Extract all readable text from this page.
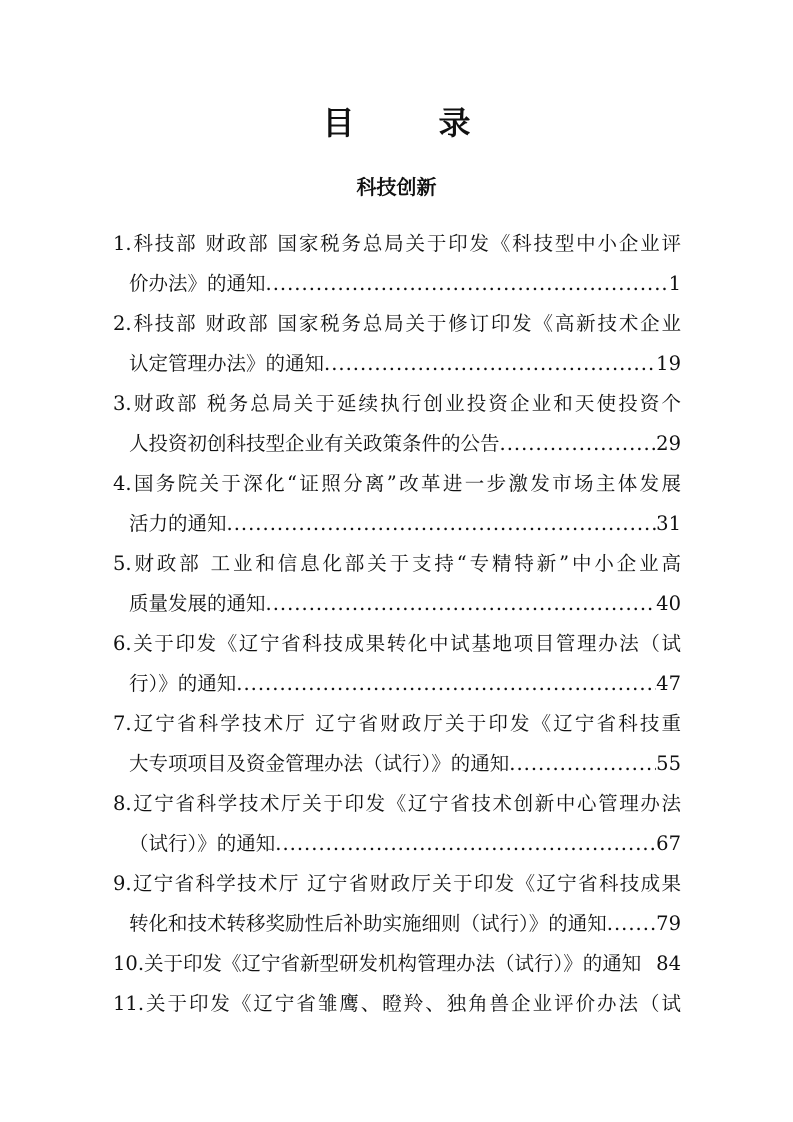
目　录
科技创新
1.科技部 财政部 国家税务总局关于印发《科技型中小企业评
价办法》的通知 .....	1
2.科技部 财政部 国家税务总局关于修订印发《高新技术企业
认定管理办法》的通知 .....	19
3.财政部 税务总局关于延续执行创业投资企业和天使投资个
人投资初创科技型企业有关政策条件的公告 .....	29
4.国务院关于深化“证照分离”改革进一步激发市场主体发展
活力的通知 .....	31
5.财政部 工业和信息化部关于支持“专精特新”中小企业高
质量发展的通知 .....	40
6.关于印发《辽宁省科技成果转化中试基地项目管理办法（试
行）》的通知 .....	47
7.辽宁省科学技术厅 辽宁省财政厅关于印发《辽宁省科技重
大专项项目及资金管理办法（试行）》的通知 .....	55
8.辽宁省科学技术厅关于印发《辽宁省技术创新中心管理办法
（试行）》的通知 .....	67
9.辽宁省科学技术厅 辽宁省财政厅关于印发《辽宁省科技成果
转化和技术转移奖励性后补助实施细则（试行）》的通知 .....	79
10.关于印发《辽宁省新型研发机构管理办法（试行）》的通知 84
11.关于印发《辽宁省雏鹰、瞪羚、独角兽企业评价办法（试
